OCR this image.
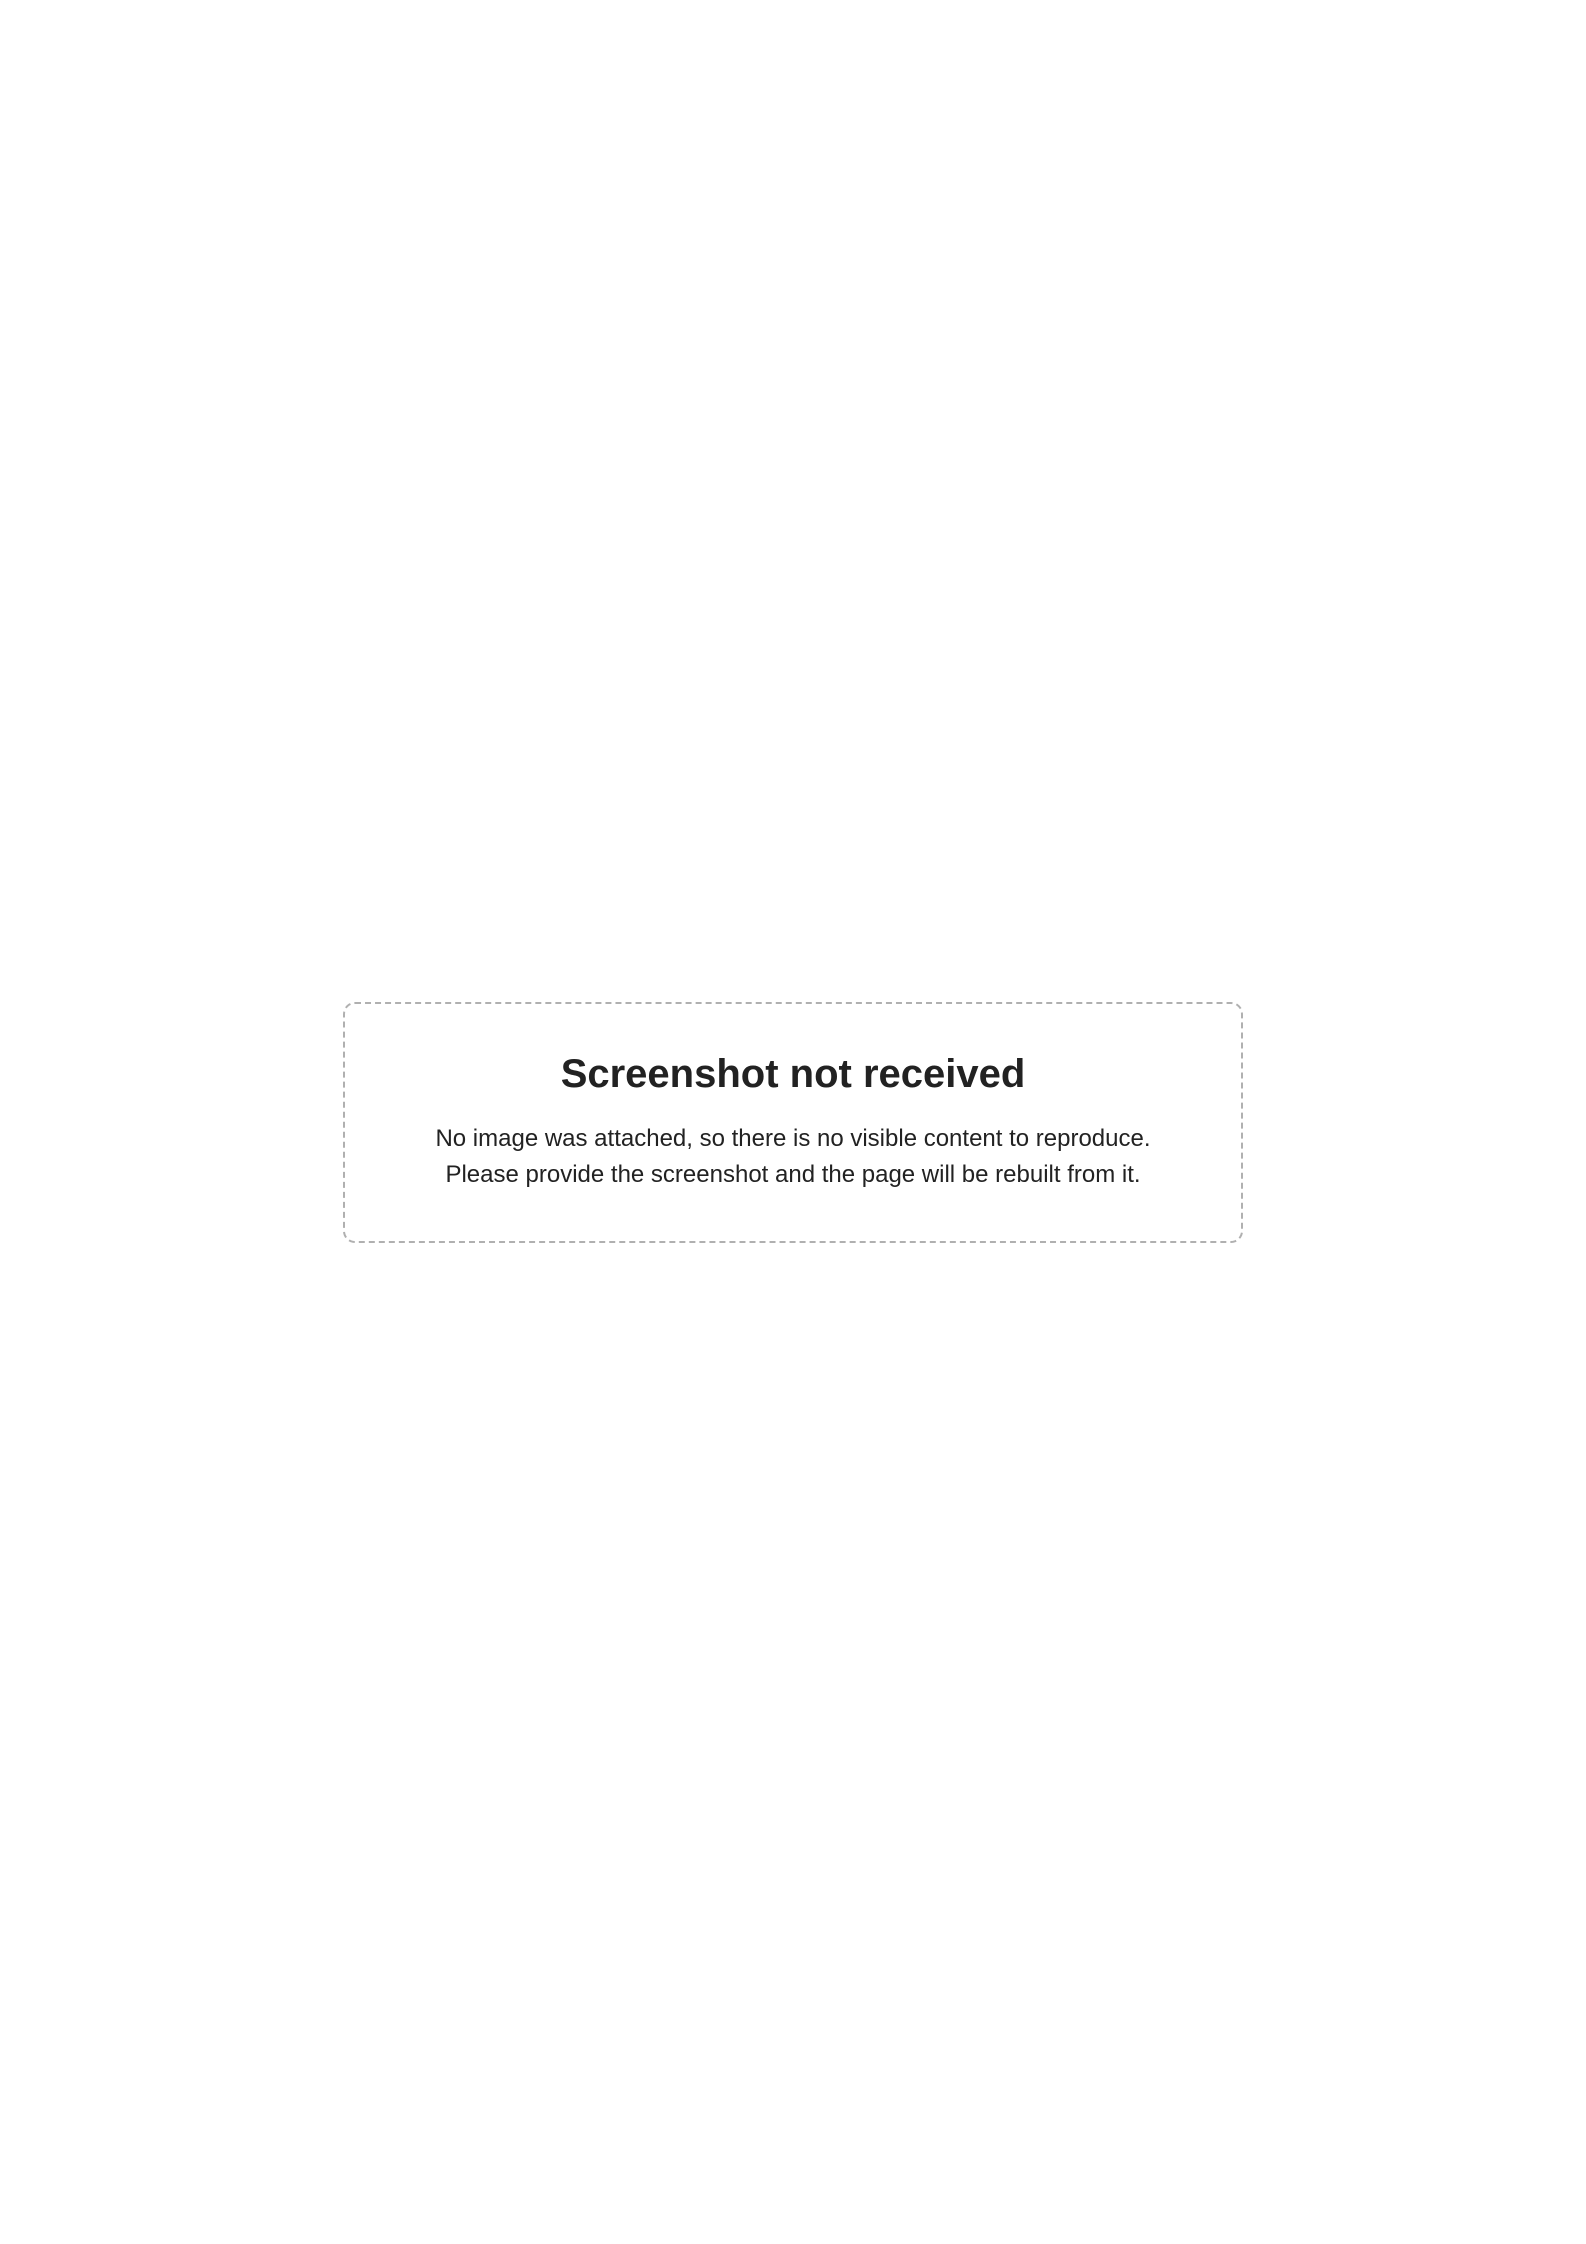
Screenshot not received

No image was attached, so there is no visible content to reproduce. Please provide the screenshot and the page will be rebuilt from it.
